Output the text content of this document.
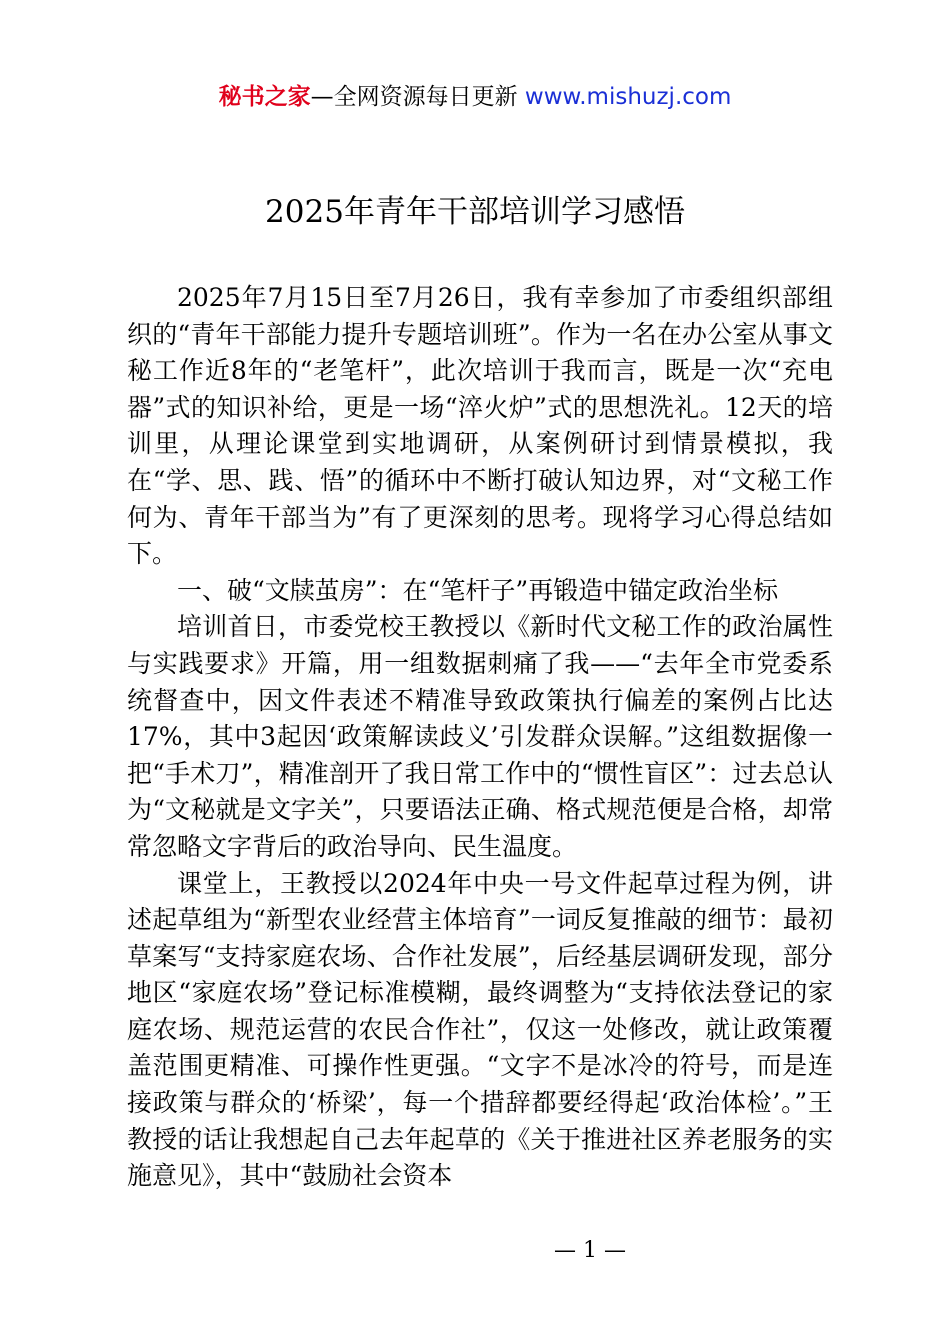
秘书之家—全网资源每日更新 www.mishuzj.com
2025年青年干部培训学习感悟

2025年7月15日至7月26日，我有幸参加了市委组织部组织的“青年干部能力提升专题培训班”。作为一名在办公室从事文秘工作近8年的“老笔杆”，此次培训于我而言，既是一次“充电器”式的知识补给，更是一场“淬火炉”式的思想洗礼。12天的培训里，从理论课堂到实地调研，从案例研讨到情景模拟，我在“学、思、践、悟”的循环中不断打破认知边界，对“文秘工作何为、青年干部当为”有了更深刻的思考。现将学习心得总结如下。

一、破“文牍茧房”：在“笔杆子”再锻造中锚定政治坐标

培训首日，市委党校王教授以《新时代文秘工作的政治属性与实践要求》开篇，用一组数据刺痛了我——“去年全市党委系统督查中，因文件表述不精准导致政策执行偏差的案例占比达17%，其中3起因‘政策解读歧义’引发群众误解。”这组数据像一把“手术刀”，精准剖开了我日常工作中的“惯性盲区”：过去总认为“文秘就是文字关”，只要语法正确、格式规范便是合格，却常常忽略文字背后的政治导向、民生温度。

课堂上，王教授以2024年中央一号文件起草过程为例，讲述起草组为“新型农业经营主体培育”一词反复推敲的细节：最初草案写“支持家庭农场、合作社发展”，后经基层调研发现，部分地区“家庭农场”登记标准模糊，最终调整为“支持依法登记的家庭农场、规范运营的农民合作社”，仅这一处修改，就让政策覆盖范围更精准、可操作性更强。“文字不是冰冷的符号，而是连接政策与群众的‘桥梁’，每一个措辞都要经得起‘政治体检’。”王教授的话让我想起自己去年起草的《关于推进社区养老服务的实施意见》，其中“鼓励社会资本

— 1 —
